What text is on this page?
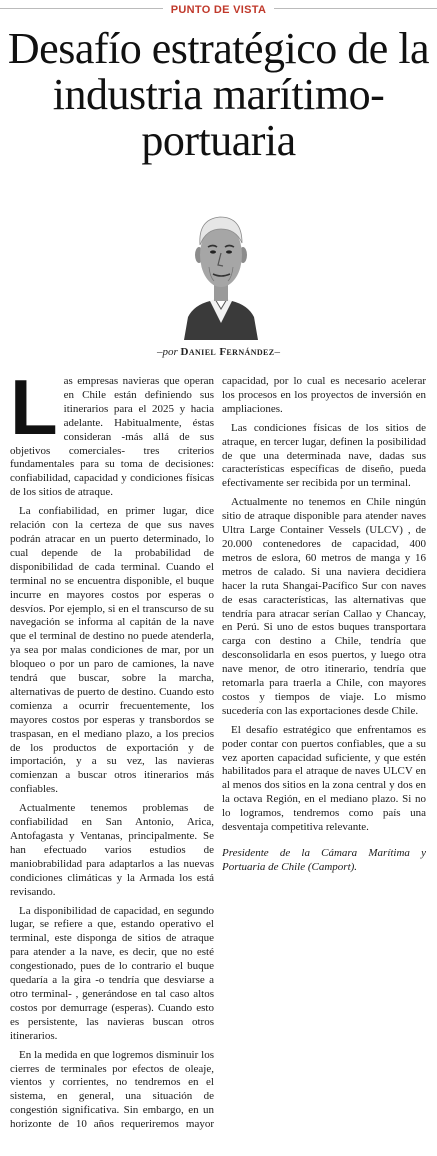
PUNTO DE VISTA
Desafío estratégico de la industria marítimo-portuaria
–por Daniel Fernández–

Las empresas navieras que operan en Chile están definiendo sus itinerarios para el 2025 y hacia adelante. Habitualmente, éstas consideran -más allá de sus objetivos comerciales- tres criterios fundamentales para su toma de decisiones: confiabilidad, capacidad y condiciones físicas de los sitios de atraque.

La confiabilidad, en primer lugar, dice relación con la certeza de que sus naves podrán atracar en un puerto determinado, lo cual depende de la probabilidad de disponibilidad de cada terminal. Cuando el terminal no se encuentra disponible, el buque incurre en mayores costos por esperas o desvíos. Por ejemplo, si en el transcurso de su navegación se informa al capitán de la nave que el terminal de destino no puede atenderla, ya sea por malas condiciones de mar, por un bloqueo o por un paro de camiones, la nave tendrá que buscar, sobre la marcha, alternativas de puerto de destino. Cuando esto comienza a ocurrir frecuentemente, los mayores costos por esperas y transbordos se traspasan, en el mediano plazo, a los precios de los productos de exportación y de importación, y a su vez, las navieras comienzan a buscar otros itinerarios más confiables.

Actualmente tenemos problemas de confiabilidad en San Antonio, Arica, Antofagasta y Ventanas, principalmente. Se han efectuado varios estudios de maniobrabilidad para adaptarlos a las nuevas condiciones climáticas y la Armada los está revisando.

La disponibilidad de capacidad, en segundo lugar, se refiere a que, estando operativo el terminal, este disponga de sitios de atraque para atender a la nave, es decir, que no esté congestionado, pues de lo contrario el buque quedaría a la gira -o tendría que desviarse a otro terminal- , generándose en tal caso altos costos por demurrage (esperas). Cuando esto es persistente, las navieras buscan otros itinerarios.

En la medida en que logremos disminuir los cierres de terminales por efectos de oleaje, vientos y corrientes, no tendremos en el sistema, en general, una situación de congestión significativa. Sin embargo, en un horizonte de 10 años requeriremos mayor capacidad, por lo cual es necesario acelerar los procesos en los proyectos de inversión en ampliaciones.

Las condiciones físicas de los sitios de atraque, en tercer lugar, definen la posibilidad de que una determinada nave, dadas sus características específicas de diseño, pueda efectivamente ser recibida por un terminal.

Actualmente no tenemos en Chile ningún sitio de atraque disponible para atender naves Ultra Large Container Vessels (ULCV) , de 20.000 contenedores de capacidad, 400 metros de eslora, 60 metros de manga y 16 metros de calado. Si una naviera decidiera hacer la ruta Shangai-Pacífico Sur con naves de esas características, las alternativas que tendría para atracar serían Callao y Chancay, en Perú. Si uno de estos buques transportara carga con destino a Chile, tendría que desconsolidarla en esos puertos, y luego otra nave menor, de otro itinerario, tendría que retomarla para traerla a Chile, con mayores costos y tiempos de viaje. Lo mismo sucedería con las exportaciones desde Chile.

El desafío estratégico que enfrentamos es poder contar con puertos confiables, que a su vez aporten capacidad suficiente, y que estén habilitados para el atraque de naves ULCV en al menos dos sitios en la zona central y dos en la octava Región, en el mediano plazo. Si no lo logramos, tendremos como país una desventaja competitiva relevante.

Presidente de la Cámara Marítima y Portuaria de Chile (Camport).
